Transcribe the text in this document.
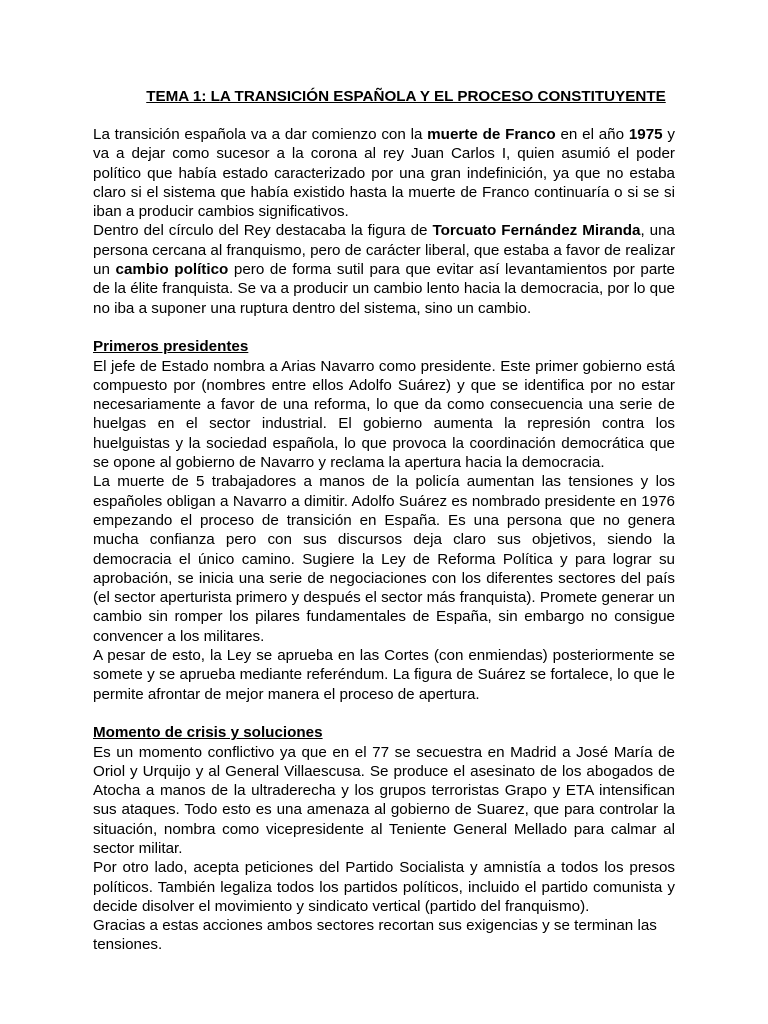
TEMA 1: LA TRANSICIÓN ESPAÑOLA Y EL PROCESO CONSTITUYENTE

La transición española va a dar comienzo con la muerte de Franco en el año 1975 y va a dejar como sucesor a la corona al rey Juan Carlos I, quien asumió el poder político que había estado caracterizado por una gran indefinición, ya que no estaba claro si el sistema que había existido hasta la muerte de Franco continuaría o si se si iban a producir cambios significativos.

Dentro del círculo del Rey destacaba la figura de Torcuato Fernández Miranda, una persona cercana al franquismo, pero de carácter liberal, que estaba a favor de realizar un cambio político pero de forma sutil para que evitar así levantamientos por parte de la élite franquista. Se va a producir un cambio lento hacia la democracia, por lo que no iba a suponer una ruptura dentro del sistema, sino un cambio.

Primeros presidentes

El jefe de Estado nombra a Arias Navarro como presidente. Este primer gobierno está compuesto por (nombres entre ellos Adolfo Suárez) y que se identifica por no estar necesariamente a favor de una reforma, lo que da como consecuencia una serie de huelgas en el sector industrial. El gobierno aumenta la represión contra los huelguistas y la sociedad española, lo que provoca la coordinación democrática que se opone al gobierno de Navarro y reclama la apertura hacia la democracia.

La muerte de 5 trabajadores a manos de la policía aumentan las tensiones y los españoles obligan a Navarro a dimitir. Adolfo Suárez es nombrado presidente en 1976 empezando el proceso de transición en España. Es una persona que no genera mucha confianza pero con sus discursos deja claro sus objetivos, siendo la democracia el único camino. Sugiere la Ley de Reforma Política y para lograr su aprobación, se inicia una serie de negociaciones con los diferentes sectores del país (el sector aperturista primero y después el sector más franquista). Promete generar un cambio sin romper los pilares fundamentales de España, sin embargo no consigue convencer a los militares.

A pesar de esto, la Ley se aprueba en las Cortes (con enmiendas) posteriormente se somete y se aprueba mediante referéndum. La figura de Suárez se fortalece, lo que le permite afrontar de mejor manera el proceso de apertura.

Momento de crisis y soluciones

Es un momento conflictivo ya que en el 77 se secuestra en Madrid a José María de Oriol y Urquijo y al General Villaescusa. Se produce el asesinato de los abogados de Atocha a manos de la ultraderecha y los grupos terroristas Grapo y ETA intensifican sus ataques. Todo esto es una amenaza al gobierno de Suarez, que para controlar la situación, nombra como vicepresidente al Teniente General Mellado para calmar al sector militar.

Por otro lado, acepta peticiones del Partido Socialista y amnistía a todos los presos políticos. También legaliza todos los partidos políticos, incluido el partido comunista y decide disolver el movimiento y sindicato vertical (partido del franquismo).

Gracias a estas acciones ambos sectores recortan sus exigencias y se terminan las tensiones.
